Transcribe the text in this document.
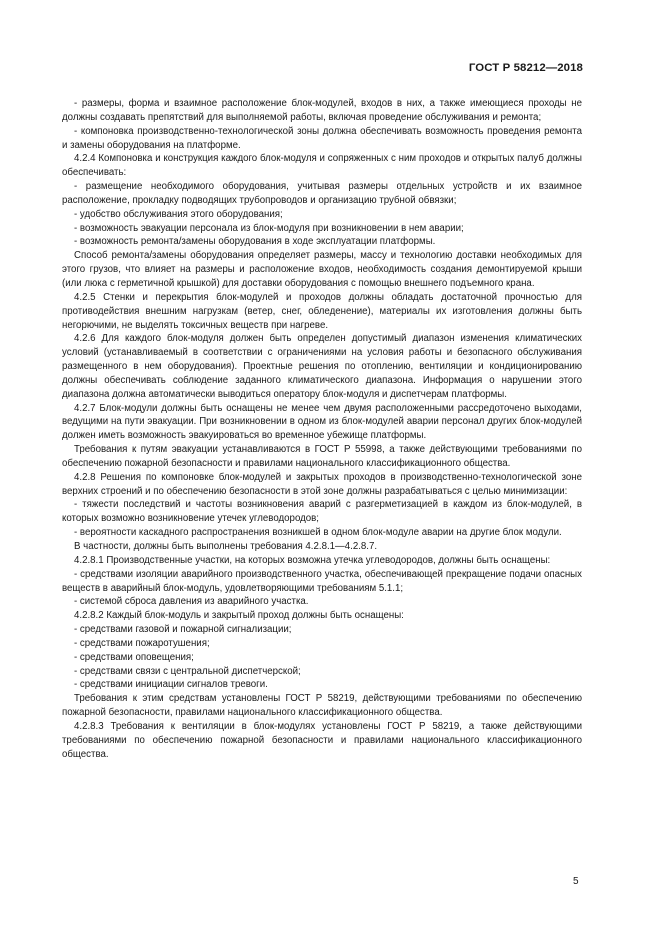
ГОСТ Р 58212—2018

- размеры, форма и взаимное расположение блок-модулей, входов в них, а также имеющиеся проходы не должны создавать препятствий для выполняемой работы, включая проведение обслуживания и ремонта;

- компоновка производственно-технологической зоны должна обеспечивать возможность проведения ремонта и замены оборудования на платформе.

4.2.4 Компоновка и конструкция каждого блок-модуля и сопряженных с ним проходов и открытых палуб должны обеспечивать:

- размещение необходимого оборудования, учитывая размеры отдельных устройств и их взаимное расположение, прокладку подводящих трубопроводов и организацию трубной обвязки;

- удобство обслуживания этого оборудования;

- возможность эвакуации персонала из блок-модуля при возникновении в нем аварии;

- возможность ремонта/замены оборудования в ходе эксплуатации платформы.

Способ ремонта/замены оборудования определяет размеры, массу и технологию доставки необходимых для этого грузов, что влияет на размеры и расположение входов, необходимость создания демонтируемой крыши (или люка с герметичной крышкой) для доставки оборудования с помощью внешнего подъемного крана.

4.2.5 Стенки и перекрытия блок-модулей и проходов должны обладать достаточной прочностью для противодействия внешним нагрузкам (ветер, снег, обледенение), материалы их изготовления должны быть негорючими, не выделять токсичных веществ при нагреве.

4.2.6 Для каждого блок-модуля должен быть определен допустимый диапазон изменения климатических условий (устанавливаемый в соответствии с ограничениями на условия работы и безопасного обслуживания размещенного в нем оборудования). Проектные решения по отоплению, вентиляции и кондиционированию должны обеспечивать соблюдение заданного климатического диапазона. Информация о нарушении этого диапазона должна автоматически выводиться оператору блок-модуля и диспетчерам платформы.

4.2.7 Блок-модули должны быть оснащены не менее чем двумя расположенными рассредоточено выходами, ведущими на пути эвакуации. При возникновении в одном из блок-модулей аварии персонал других блок-модулей должен иметь возможность эвакуироваться во временное убежище платформы.

Требования к путям эвакуации устанавливаются в ГОСТ Р 55998, а также действующими требованиями по обеспечению пожарной безопасности и правилами национального классификационного общества.

4.2.8 Решения по компоновке блок-модулей и закрытых проходов в производственно-технологической зоне верхних строений и по обеспечению безопасности в этой зоне должны разрабатываться с целью минимизации:

- тяжести последствий и частоты возникновения аварий с разгерметизацией в каждом из блок-модулей, в которых возможно возникновение утечек углеводородов;

- вероятности каскадного распространения возникшей в одном блок-модуле аварии на другие блок модули.

В частности, должны быть выполнены требования 4.2.8.1—4.2.8.7.

4.2.8.1 Производственные участки, на которых возможна утечка углеводородов, должны быть оснащены:

- средствами изоляции аварийного производственного участка, обеспечивающей прекращение подачи опасных веществ в аварийный блок-модуль, удовлетворяющими требованиям 5.1.1;

- системой сброса давления из аварийного участка.

4.2.8.2 Каждый блок-модуль и закрытый проход должны быть оснащены:

- средствами газовой и пожарной сигнализации;

- средствами пожаротушения;

- средствами оповещения;

- средствами связи с центральной диспетчерской;

- средствами инициации сигналов тревоги.

Требования к этим средствам установлены ГОСТ Р 58219, действующими требованиями по обеспечению пожарной безопасности, правилами национального классификационного общества.

4.2.8.3 Требования к вентиляции в блок-модулях установлены ГОСТ Р 58219, а также действующими требованиями по обеспечению пожарной безопасности и правилами национального классификационного общества.

5
